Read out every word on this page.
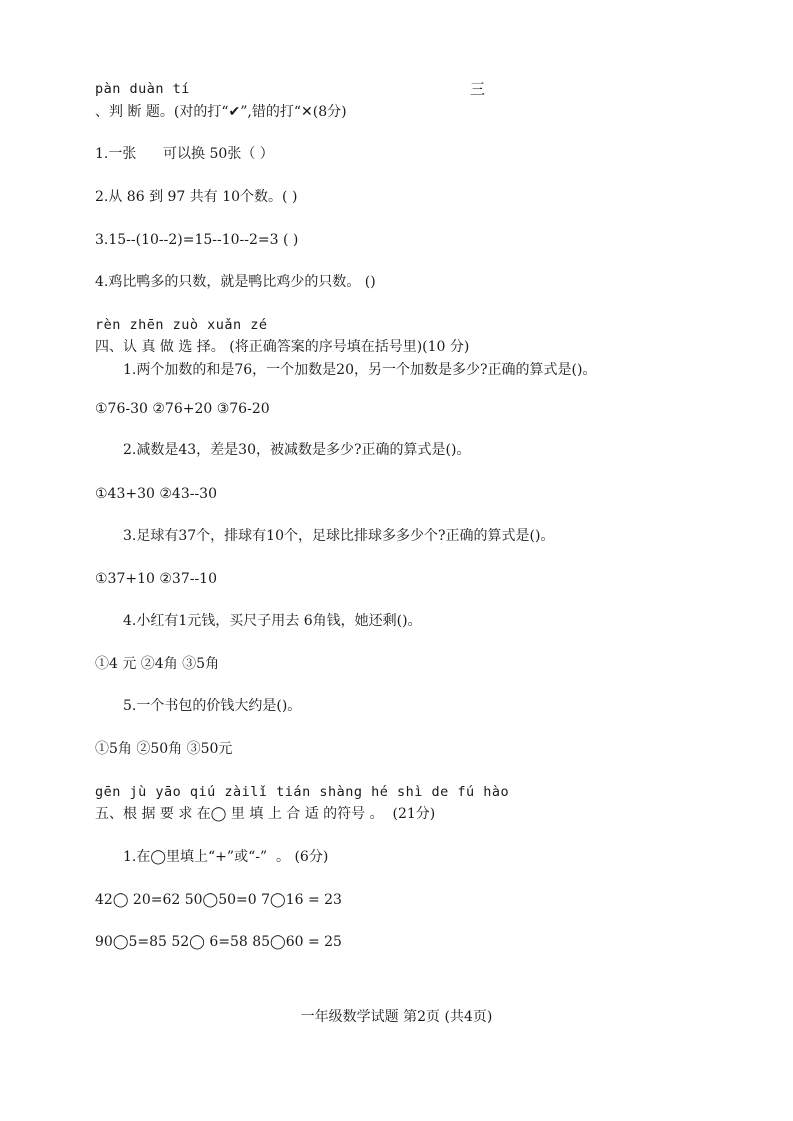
pàn duàn tí	三
、判 断 题。(对的打“✔”,错的打“✕(8分)
1.一张      可以换 50张（ ）
2.从 86 到 97 共有 10个数。( )
3.15--(10--2)=15--10--2=3 ( )
4.鸡比鸭多的只数，就是鸭比鸡少的只数。 ()
rèn zhēn zuò xuǎn zé
四、认 真 做 选 择。 (将正确答案的序号填在括号里)(10 分)
1.两个加数的和是76，一个加数是20，另一个加数是多少?正确的算式是()。
①76-30 ②76+20 ③76-20
2.减数是43，差是30，被减数是多少?正确的算式是()。
①43+30 ②43--30
3.足球有37个，排球有10个，足球比排球多多少个?正确的算式是()。
①37+10 ②37--10
4.小红有1元钱，买尺子用去 6角钱，她还剩()。
①4 元 ②4角 ③5角
5.一个书包的价钱大约是()。
①5角 ②50角 ③50元
gēn jù yāo qiú zàilǐ tián shàng hé shì de fú hào
五、根 据 要 求 在◯ 里 填 上 合 适 的符号 。  (21分)
1.在◯里填上“+”或“-”  。 (6分)
42◯ 20=62 50◯50=0 7◯16 = 23
90◯5=85 52◯ 6=58 85◯60 = 25
一年级数学试题 第2页 (共4页)
